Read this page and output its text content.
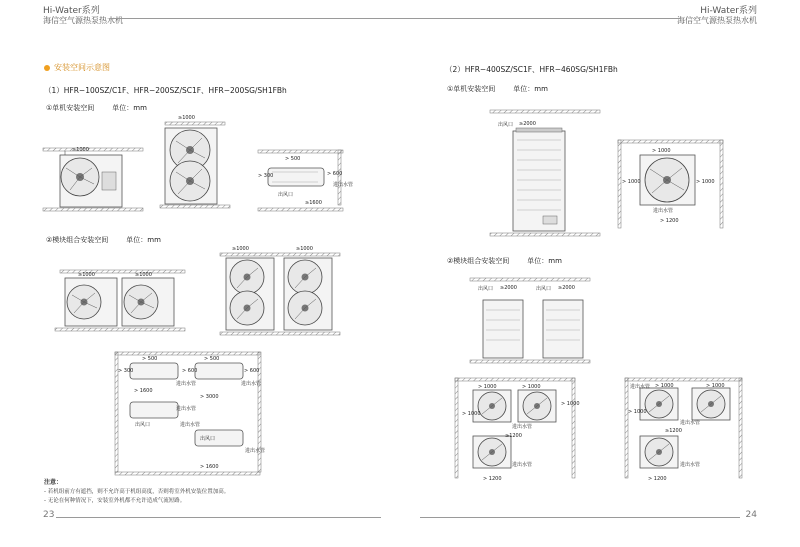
Hi-Water系列
海信空气源热泵热水机
Hi-Water系列
海信空气源热泵热水机
安装空间示意图
（1）HFR−100SZ/C1F、HFR−200SZ/SC1F、HFR−200SG/SH1FBh
①单机安装空间	单位：mm
②模块组合安装空间	单位：mm
（2）HFR−400SZ/SC1F、HFR−460SG/SH1FBh
①单机安装空间	单位：mm
②模块组合安装空间	单位：mm
≥1000
≥1000
> 500
> 300	> 600
进出水管
出风口
≥1600
≥1000	≥1000
≥1000	≥1000
> 500	> 500
> 300	> 600	> 600
进出水管	进出水管
> 1600
> 3000
进出水管
出风口	进出水管
出风口
进出水管
> 1600
出风口 ≥2000
> 1000
> 1000	> 1000
进出水管
> 1200
出风口 ≥2000	出风口 ≥2000
> 1000	> 1000
> 1000
> 1000
进出水管
≥1200
进出水管
> 1200
进出水管 > 1000	> 1000
> 1000
进出水管
≥1200
进出水管
> 1200
注意：
- 若机组前方有遮挡，则不允许高于机组高度，否则将室外机安装位置加高。
- 无论在何种情况下，安装室外机都不允许造成气流短路。
23	24
